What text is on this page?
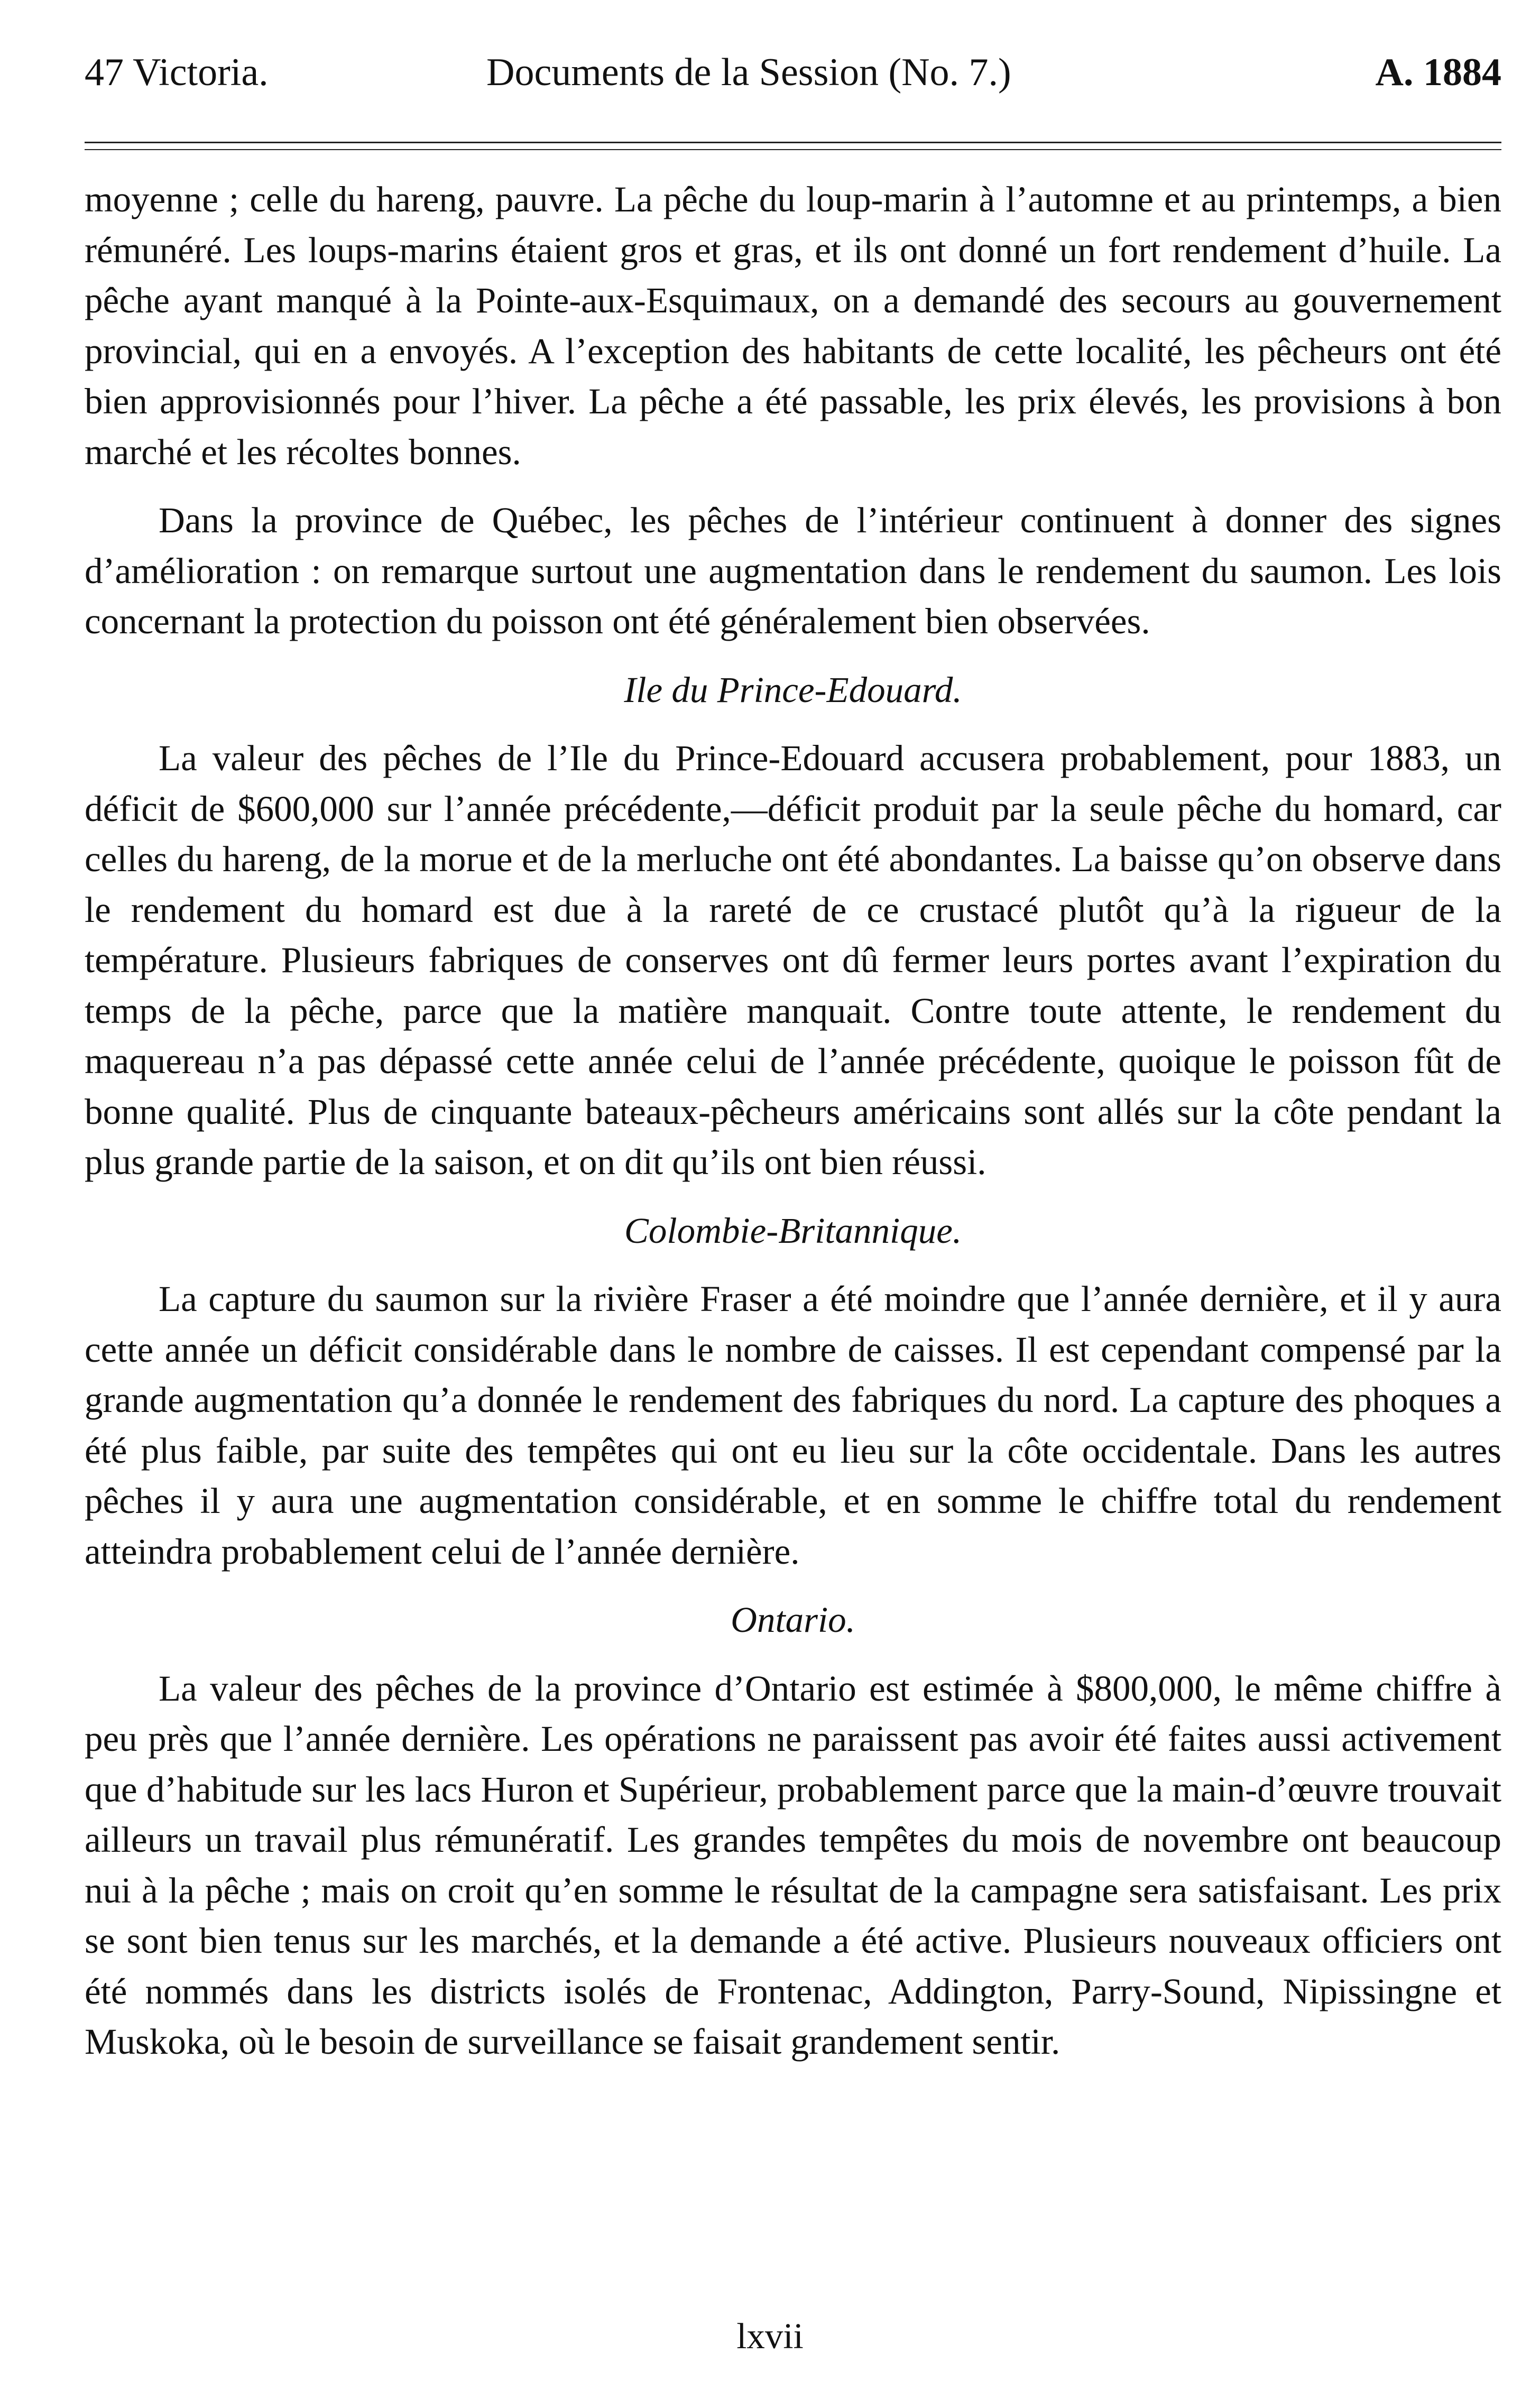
47 Victoria.	Documents de la Session (No. 7.)	A. 1884

moyenne ; celle du hareng, pauvre. La pêche du loup-marin à l’automne et au printemps, a bien rémunéré. Les loups-marins étaient gros et gras, et ils ont donné un fort rendement d’huile. La pêche ayant manqué à la Pointe-aux-Esquimaux, on a demandé des secours au gouvernement provincial, qui en a envoyés. A l’exception des habitants de cette localité, les pêcheurs ont été bien approvisionnés pour l’hiver. La pêche a été passable, les prix élevés, les provisions à bon marché et les récoltes bonnes.

Dans la province de Québec, les pêches de l’intérieur continuent à donner des signes d’amélioration : on remarque surtout une augmentation dans le rendement du saumon. Les lois concernant la protection du poisson ont été généralement bien observées.

Ile du Prince-Edouard.

La valeur des pêches de l’Ile du Prince-Edouard accusera probablement, pour 1883, un déficit de $600,000 sur l’année précédente,—déficit produit par la seule pêche du homard, car celles du hareng, de la morue et de la merluche ont été abondantes. La baisse qu’on observe dans le rendement du homard est due à la rareté de ce crustacé plutôt qu’à la rigueur de la température. Plusieurs fabriques de conserves ont dû fermer leurs portes avant l’expiration du temps de la pêche, parce que la matière manquait. Contre toute attente, le rendement du maquereau n’a pas dépassé cette année celui de l’année précédente, quoique le poisson fût de bonne qualité. Plus de cinquante bateaux-pêcheurs américains sont allés sur la côte pendant la plus grande partie de la saison, et on dit qu’ils ont bien réussi.

Colombie-Britannique.

La capture du saumon sur la rivière Fraser a été moindre que l’année dernière, et il y aura cette année un déficit considérable dans le nombre de caisses. Il est cependant compensé par la grande augmentation qu’a donnée le rendement des fabriques du nord. La capture des phoques a été plus faible, par suite des tempêtes qui ont eu lieu sur la côte occidentale. Dans les autres pêches il y aura une augmentation considérable, et en somme le chiffre total du rendement atteindra probablement celui de l’année dernière.

Ontario.

La valeur des pêches de la province d’Ontario est estimée à $800,000, le même chiffre à peu près que l’année dernière. Les opérations ne paraissent pas avoir été faites aussi activement que d’habitude sur les lacs Huron et Supérieur, probablement parce que la main-d’œuvre trouvait ailleurs un travail plus rémunératif. Les grandes tempêtes du mois de novembre ont beaucoup nui à la pêche ; mais on croit qu’en somme le résultat de la campagne sera satisfaisant. Les prix se sont bien tenus sur les marchés, et la demande a été active. Plusieurs nouveaux officiers ont été nommés dans les districts isolés de Frontenac, Addington, Parry-Sound, Nipissingne et Muskoka, où le besoin de surveillance se faisait grandement sentir.

lxvii
